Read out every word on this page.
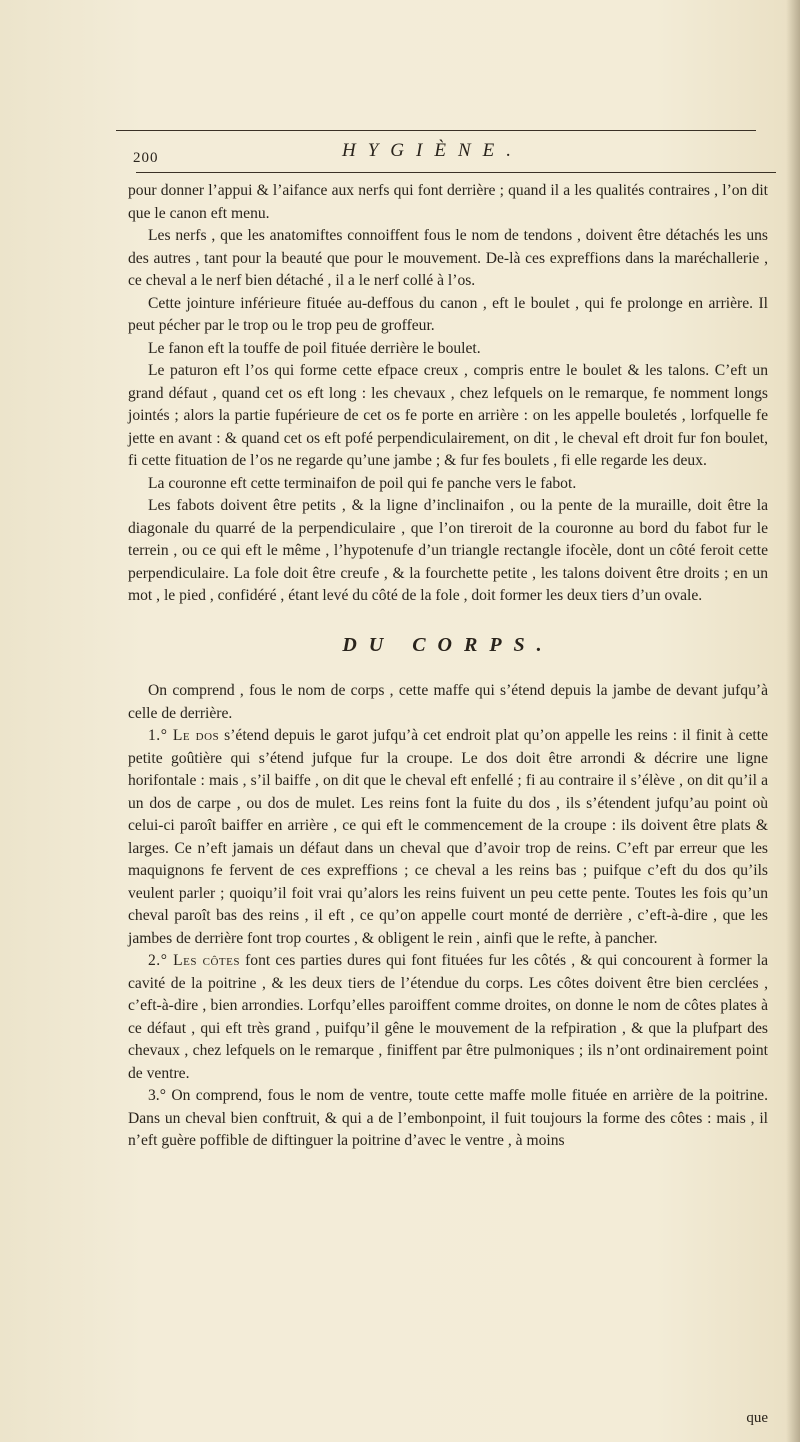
200	HYGIÈNE.

pour donner l’appui & l’aifance aux nerfs qui font derrière ; quand il a les qualités contraires , l’on dit que le canon eft menu.

Les nerfs , que les anatomiftes connoiffent fous le nom de tendons , doivent être détachés les uns des autres , tant pour la beauté que pour le mouvement. De-là ces expreffions dans la maréchallerie , ce cheval a le nerf bien détaché , il a le nerf collé à l’os.

Cette jointure inférieure fituée au-deffous du canon , eft le boulet , qui fe prolonge en arrière. Il peut pécher par le trop ou le trop peu de groffeur.

Le fanon eft la touffe de poil fituée derrière le boulet.

Le paturon eft l’os qui forme cette efpace creux , compris entre le boulet & les talons. C’eft un grand défaut , quand cet os eft long : les chevaux , chez lefquels on le remarque, fe nomment longs jointés ; alors la partie fupérieure de cet os fe porte en arrière : on les appelle bouletés , lorfquelle fe jette en avant : & quand cet os eft pofé perpendiculairement, on dit , le cheval eft droit fur fon boulet, fi cette fituation de l’os ne regarde qu’une jambe ; & fur fes boulets , fi elle regarde les deux.

La couronne eft cette terminaifon de poil qui fe panche vers le fabot.

Les fabots doivent être petits , & la ligne d’inclinaifon , ou la pente de la muraille, doit être la diagonale du quarré de la perpendiculaire , que l’on tireroit de la couronne au bord du fabot fur le terrein , ou ce qui eft le même , l’hypotenufe d’un triangle rectangle ifocèle, dont un côté feroit cette perpendiculaire. La fole doit être creufe , & la fourchette petite , les talons doivent être droits ; en un mot , le pied , confidéré , étant levé du côté de la fole , doit former les deux tiers d’un ovale.

DU CORPS.

On comprend , fous le nom de corps , cette maffe qui s’étend depuis la jambe de devant jufqu’à celle de derrière.

1.° Le dos s’étend depuis le garot jufqu’à cet endroit plat qu’on appelle les reins : il finit à cette petite goûtière qui s’étend jufque fur la croupe. Le dos doit être arrondi & décrire une ligne horifontale : mais , s’il baiffe , on dit que le cheval eft enfellé ; fi au contraire il s’élève , on dit qu’il a un dos de carpe , ou dos de mulet. Les reins font la fuite du dos , ils s’étendent jufqu’au point où celui-ci paroît baiffer en arrière , ce qui eft le commencement de la croupe : ils doivent être plats & larges. Ce n’eft jamais un défaut dans un cheval que d’avoir trop de reins. C’eft par erreur que les maquignons fe fervent de ces expreffions ; ce cheval a les reins bas ; puifque c’eft du dos qu’ils veulent parler ; quoiqu’il foit vrai qu’alors les reins fuivent un peu cette pente. Toutes les fois qu’un cheval paroît bas des reins , il eft , ce qu’on appelle court monté de derrière , c’eft-à-dire , que les jambes de derrière font trop courtes , & obligent le rein , ainfi que le refte, à pancher.

2.° Les côtes font ces parties dures qui font fituées fur les côtés , & qui concourent à former la cavité de la poitrine , & les deux tiers de l’étendue du corps. Les côtes doivent être bien cerclées , c’eft-à-dire , bien arrondies. Lorfqu’elles paroiffent comme droites, on donne le nom de côtes plates à ce défaut , qui eft très grand , puifqu’il gêne le mouvement de la refpiration , & que la plufpart des chevaux , chez lefquels on le remarque , finiffent par être pulmoniques ; ils n’ont ordinairement point de ventre.

3.° On comprend, fous le nom de ventre, toute cette maffe molle fituée en arrière de la poitrine. Dans un cheval bien conftruit, & qui a de l’embonpoint, il fuit toujours la forme des côtes : mais , il n’eft guère poffible de diftinguer la poitrine d’avec le ventre , à moins

que
